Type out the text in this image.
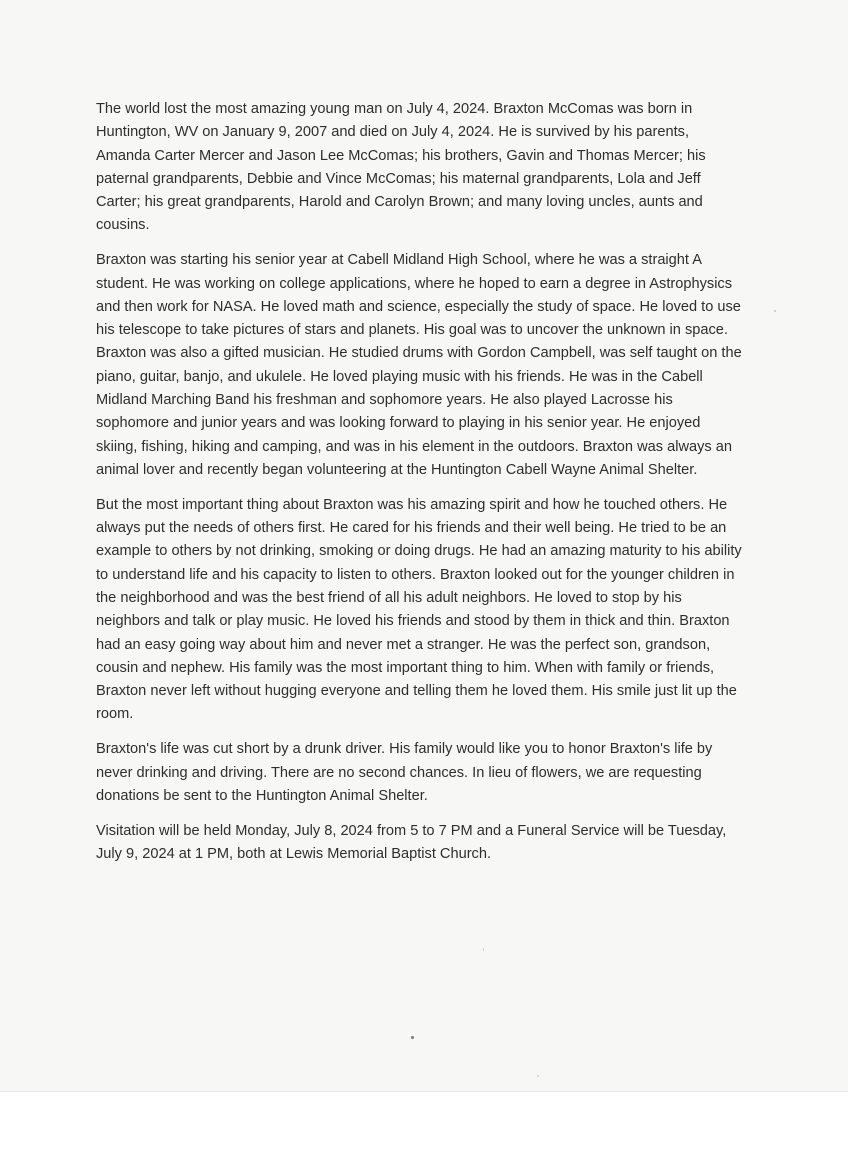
The world lost the most amazing young man on July 4, 2024. Braxton McComas was born in Huntington, WV on January 9, 2007 and died on July 4, 2024. He is survived by his parents, Amanda Carter Mercer and Jason Lee McComas; his brothers, Gavin and Thomas Mercer; his paternal grandparents, Debbie and Vince McComas; his maternal grandparents, Lola and Jeff Carter; his great grandparents, Harold and Carolyn Brown; and many loving uncles, aunts and cousins.

Braxton was starting his senior year at Cabell Midland High School, where he was a straight A student. He was working on college applications, where he hoped to earn a degree in Astrophysics and then work for NASA. He loved math and science, especially the study of space. He loved to use his telescope to take pictures of stars and planets. His goal was to uncover the unknown in space. Braxton was also a gifted musician. He studied drums with Gordon Campbell, was self taught on the piano, guitar, banjo, and ukulele. He loved playing music with his friends. He was in the Cabell Midland Marching Band his freshman and sophomore years. He also played Lacrosse his sophomore and junior years and was looking forward to playing in his senior year. He enjoyed skiing, fishing, hiking and camping, and was in his element in the outdoors. Braxton was always an animal lover and recently began volunteering at the Huntington Cabell Wayne Animal Shelter.

But the most important thing about Braxton was his amazing spirit and how he touched others. He always put the needs of others first. He cared for his friends and their well being. He tried to be an example to others by not drinking, smoking or doing drugs. He had an amazing maturity to his ability to understand life and his capacity to listen to others. Braxton looked out for the younger children in the neighborhood and was the best friend of all his adult neighbors. He loved to stop by his neighbors and talk or play music. He loved his friends and stood by them in thick and thin. Braxton had an easy going way about him and never met a stranger. He was the perfect son, grandson, cousin and nephew. His family was the most important thing to him. When with family or friends, Braxton never left without hugging everyone and telling them he loved them. His smile just lit up the room.

Braxton's life was cut short by a drunk driver. His family would like you to honor Braxton's life by never drinking and driving. There are no second chances. In lieu of flowers, we are requesting donations be sent to the Huntington Animal Shelter.

Visitation will be held Monday, July 8, 2024 from 5 to 7 PM and a Funeral Service will be Tuesday, July 9, 2024 at 1 PM, both at Lewis Memorial Baptist Church.
